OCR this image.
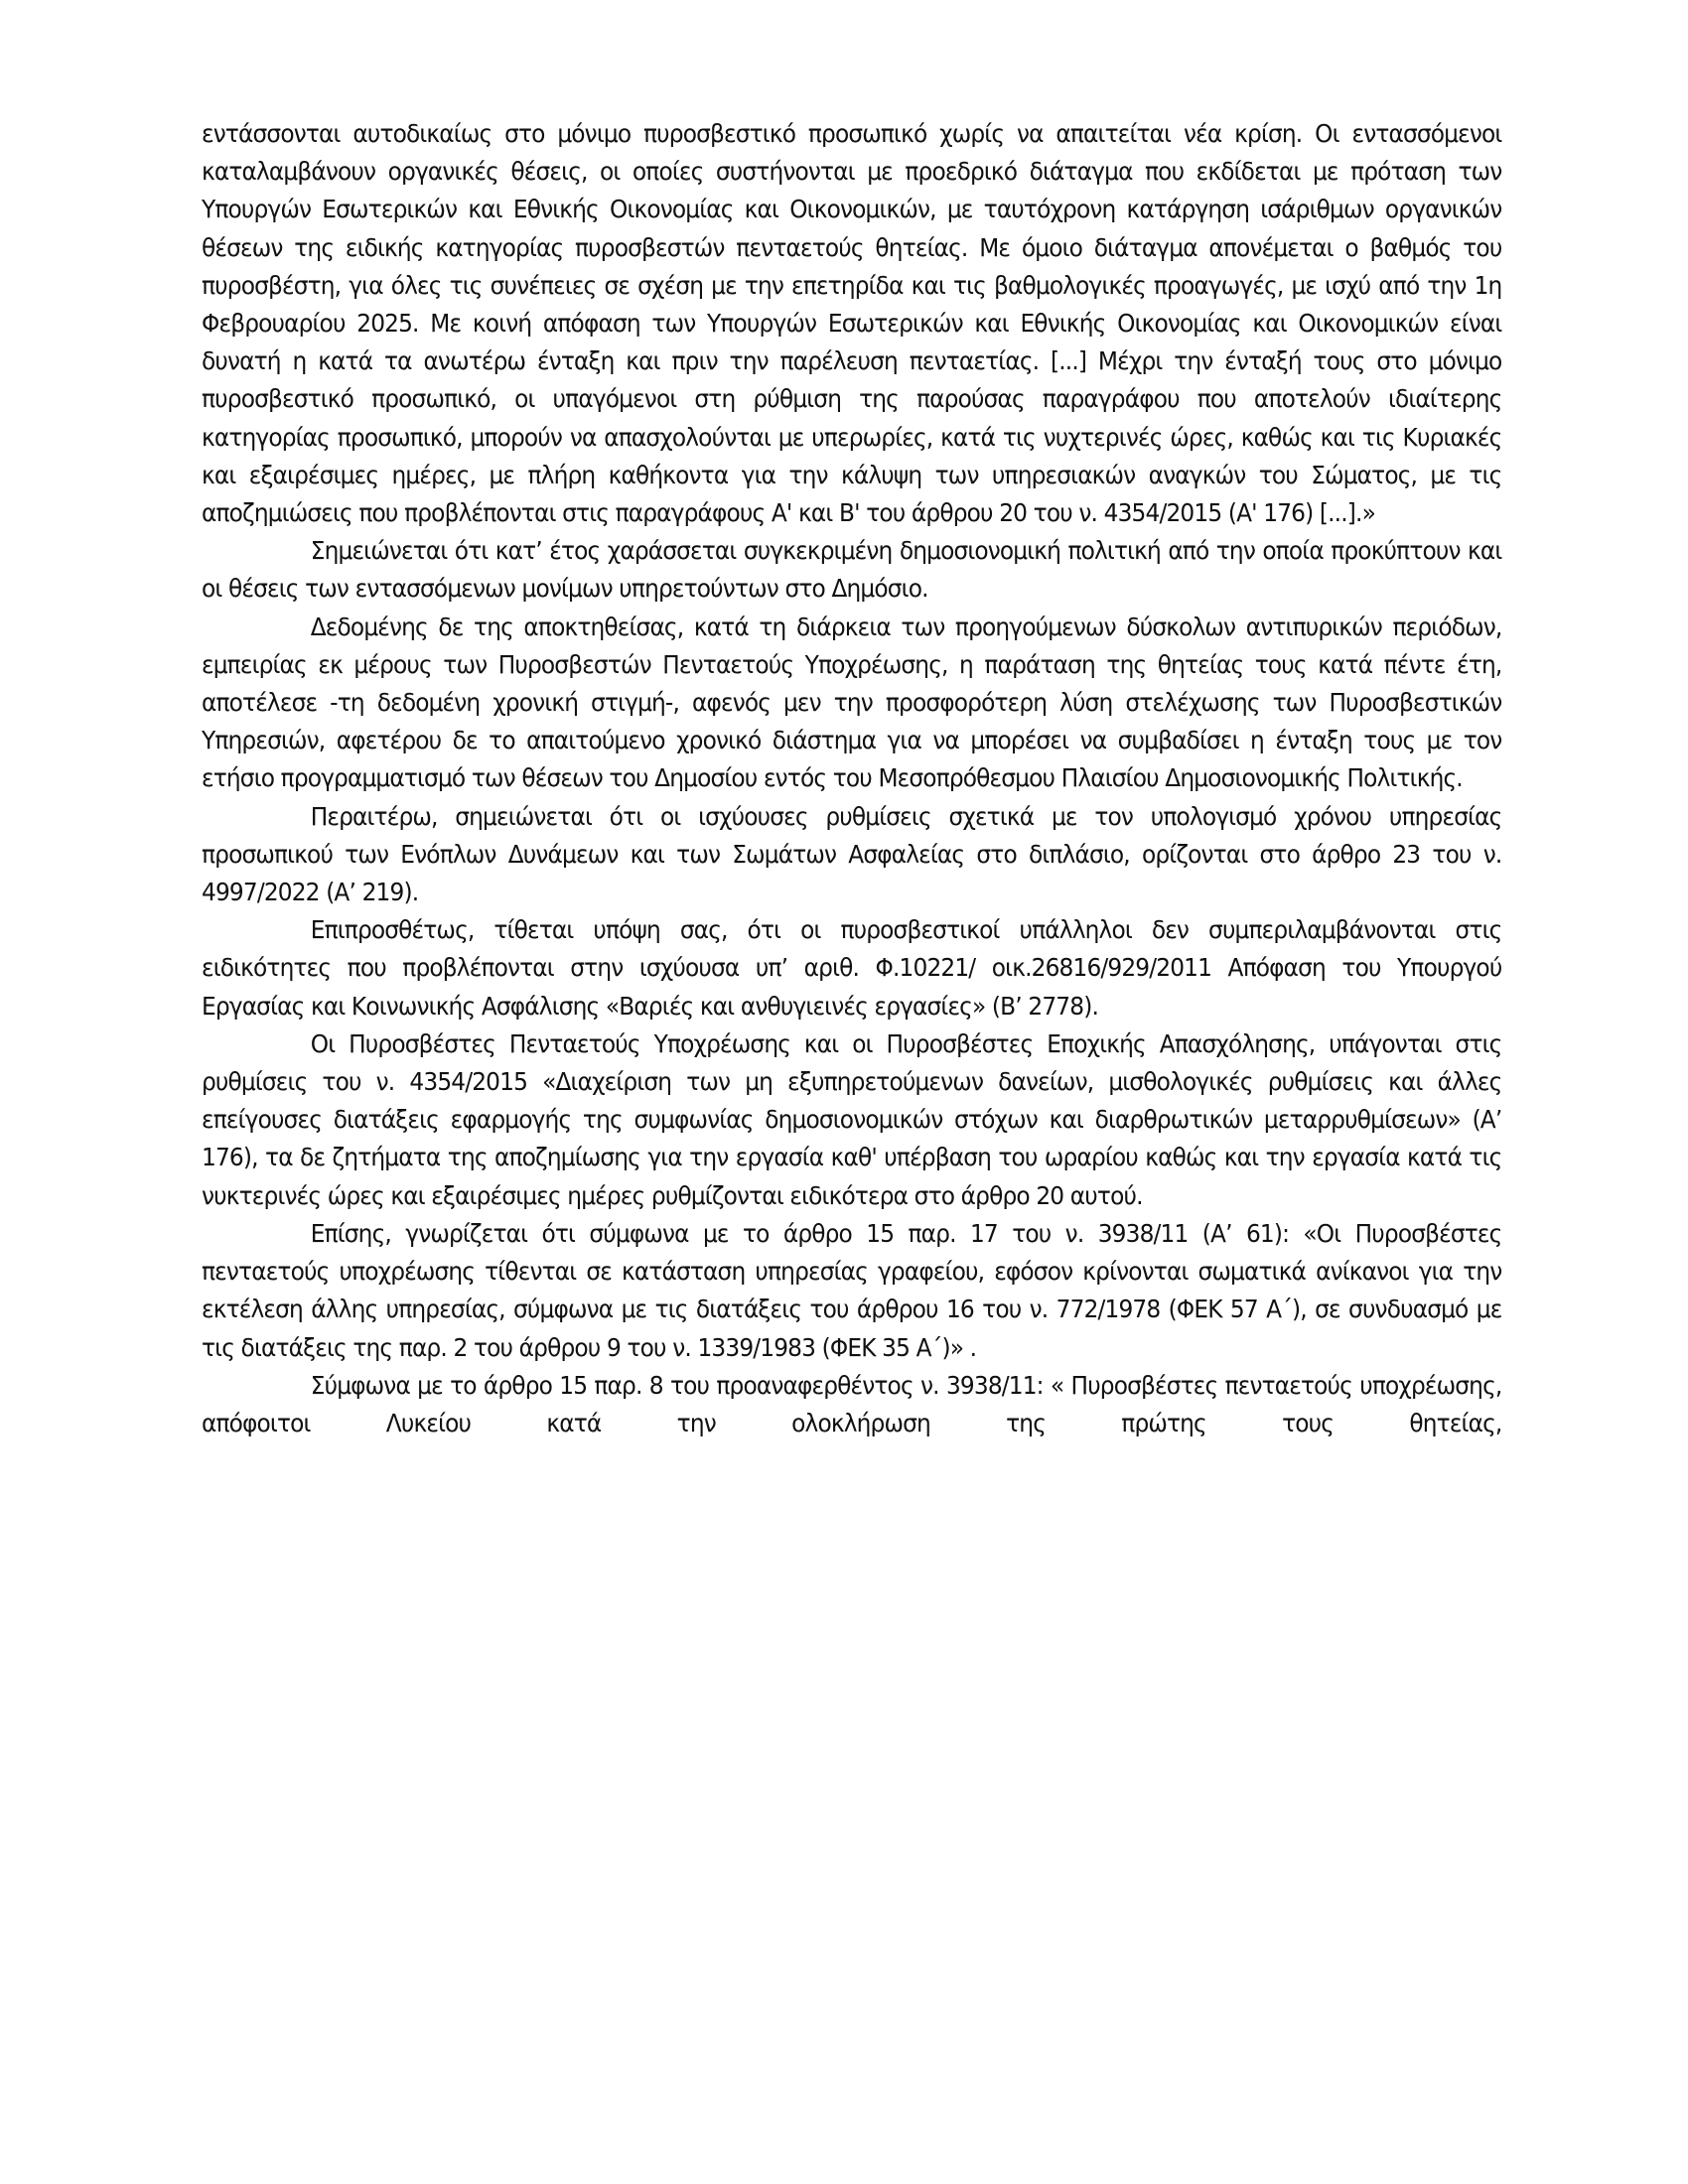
εντάσσονται αυτοδικαίως στο μόνιμο πυροσβεστικό προσωπικό χωρίς να απαιτείται νέα κρίση. Οι εντασσόμενοι καταλαμβάνουν οργανικές θέσεις, οι οποίες συστήνονται με προεδρικό διάταγμα που εκδίδεται με πρόταση των Υπουργών Εσωτερικών και Εθνικής Οικονομίας και Οικονομικών, με ταυτόχρονη κατάργηση ισάριθμων οργανικών θέσεων της ειδικής κατηγορίας πυροσβεστών πενταετούς θητείας. Με όμοιο διάταγμα απονέμεται ο βαθμός του πυροσβέστη, για όλες τις συνέπειες σε σχέση με την επετηρίδα και τις βαθμολογικές προαγωγές, με ισχύ από την 1η Φεβρουαρίου 2025. Με κοινή απόφαση των Υπουργών Εσωτερικών και Εθνικής Οικονομίας και Οικονομικών είναι δυνατή η κατά τα ανωτέρω ένταξη και πριν την παρέλευση πενταετίας. [...] Μέχρι την ένταξή τους στο μόνιμο πυροσβεστικό προσωπικό, οι υπαγόμενοι στη ρύθμιση της παρούσας παραγράφου που αποτελούν ιδιαίτερης κατηγορίας προσωπικό, μπορούν να απασχολούνται με υπερωρίες, κατά τις νυχτερινές ώρες, καθώς και τις Κυριακές και εξαιρέσιμες ημέρες, με πλήρη καθήκοντα για την κάλυψη των υπηρεσιακών αναγκών του Σώματος, με τις αποζημιώσεις που προβλέπονται στις παραγράφους Α' και Β' του άρθρου 20 του ν. 4354/2015 (Α' 176) [...].»

Σημειώνεται ότι κατ’ έτος χαράσσεται συγκεκριμένη δημοσιονομική πολιτική από την οποία προκύπτουν και οι θέσεις των εντασσόμενων μονίμων υπηρετούντων στο Δημόσιο.

Δεδομένης δε της αποκτηθείσας, κατά τη διάρκεια των προηγούμενων δύσκολων αντιπυρικών περιόδων, εμπειρίας εκ μέρους των Πυροσβεστών Πενταετούς Υποχρέωσης, η παράταση της θητείας τους κατά πέντε έτη, αποτέλεσε -τη δεδομένη χρονική στιγμή-, αφενός μεν την προσφορότερη λύση στελέχωσης των Πυροσβεστικών Υπηρεσιών, αφετέρου δε το απαιτούμενο χρονικό διάστημα για να μπορέσει να συμβαδίσει η ένταξη τους με τον ετήσιο προγραμματισμό των θέσεων του Δημοσίου εντός του Μεσοπρόθεσμου Πλαισίου Δημοσιονομικής Πολιτικής.

Περαιτέρω, σημειώνεται ότι οι ισχύουσες ρυθμίσεις σχετικά με τον υπολογισμό χρόνου υπηρεσίας προσωπικού των Ενόπλων Δυνάμεων και των Σωμάτων Ασφαλείας στο διπλάσιο, ορίζονται στο άρθρο 23 του ν. 4997/2022 (Α’ 219).

Επιπροσθέτως, τίθεται υπόψη σας, ότι οι πυροσβεστικοί υπάλληλοι δεν συμπεριλαμβάνονται στις ειδικότητες που προβλέπονται στην ισχύουσα υπ’ αριθ. Φ.10221/ οικ.26816/929/2011 Απόφαση του Υπουργού Εργασίας και Κοινωνικής Ασφάλισης «Βαριές και ανθυγιεινές εργασίες» (Β’ 2778).

Οι Πυροσβέστες Πενταετούς Υποχρέωσης και οι Πυροσβέστες Εποχικής Απασχόλησης, υπάγονται στις ρυθμίσεις του ν. 4354/2015 «Διαχείριση των μη εξυπηρετούμενων δανείων, μισθολογικές ρυθμίσεις και άλλες επείγουσες διατάξεις εφαρμογής της συμφωνίας δημοσιονομικών στόχων και διαρθρωτικών μεταρρυθμίσεων» (Α’ 176), τα δε ζητήματα της αποζημίωσης για την εργασία καθ' υπέρβαση του ωραρίου καθώς και την εργασία κατά τις νυκτερινές ώρες και εξαιρέσιμες ημέρες ρυθμίζονται ειδικότερα στο άρθρο 20 αυτού.

Επίσης, γνωρίζεται ότι σύμφωνα με το άρθρο 15 παρ. 17 του ν. 3938/11 (Α’ 61): «Οι Πυροσβέστες πενταετούς υποχρέωσης τίθενται σε κατάσταση υπηρεσίας γραφείου, εφόσον κρίνονται σωματικά ανίκανοι για την εκτέλεση άλλης υπηρεσίας, σύμφωνα με τις διατάξεις του άρθρου 16 του ν. 772/1978 (ΦΕΚ 57 Α΄), σε συνδυασμό με τις διατάξεις της παρ. 2 του άρθρου 9 του ν. 1339/1983 (ΦΕΚ 35 Α΄)» .

Σύμφωνα με το άρθρο 15 παρ. 8 του προαναφερθέντος ν. 3938/11: « Πυροσβέστες πενταετούς υποχρέωσης, απόφοιτοι Λυκείου κατά την ολοκλήρωση της πρώτης τους θητείας,
